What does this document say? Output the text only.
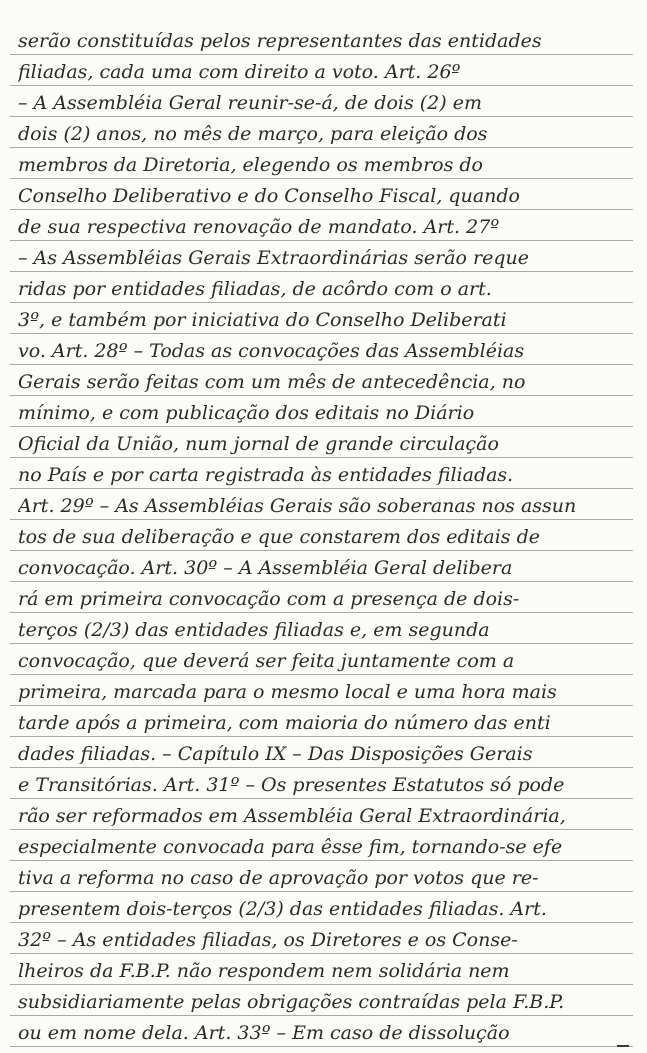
serão constituídas pelos representantes das entidades
filiadas, cada uma com direito a voto. Art. 26º
– A Assembléia Geral reunir-se-á, de dois (2) em
dois (2) anos, no mês de março, para eleição dos
membros da Diretoria, elegendo os membros do
Conselho Deliberativo e do Conselho Fiscal, quando
de sua respectiva renovação de mandato. Art. 27º
– As Assembléias Gerais Extraordinárias serão reque
ridas por entidades filiadas, de acôrdo com o art.
3º, e também por iniciativa do Conselho Deliberati
vo. Art. 28º – Todas as convocações das Assembléias
Gerais serão feitas com um mês de antecedência, no
mínimo, e com publicação dos editais no Diário
Oficial da União, num jornal de grande circulação
no País e por carta registrada às entidades filiadas.
Art. 29º – As Assembléias Gerais são soberanas nos assun
tos de sua deliberação e que constarem dos editais de
convocação. Art. 30º – A Assembléia Geral delibera
rá em primeira convocação com a presença de dois-
terços (2/3) das entidades filiadas e, em segunda
convocação, que deverá ser feita juntamente com a
primeira, marcada para o mesmo local e uma hora mais
tarde após a primeira, com maioria do número das enti
dades filiadas. – Capítulo IX – Das Disposições Gerais
e Transitórias. Art. 31º – Os presentes Estatutos só pode
rão ser reformados em Assembléia Geral Extraordinária,
especialmente convocada para êsse fim, tornando-se efe
tiva a reforma no caso de aprovação por votos que re-
presentem dois-terços (2/3) das entidades filiadas. Art.
32º – As entidades filiadas, os Diretores e os Conse-
lheiros da F.B.P. não respondem nem solidária nem
subsidiariamente pelas obrigações contraídas pela F.B.P.
ou em nome dela. Art. 33º – Em caso de dissolução
